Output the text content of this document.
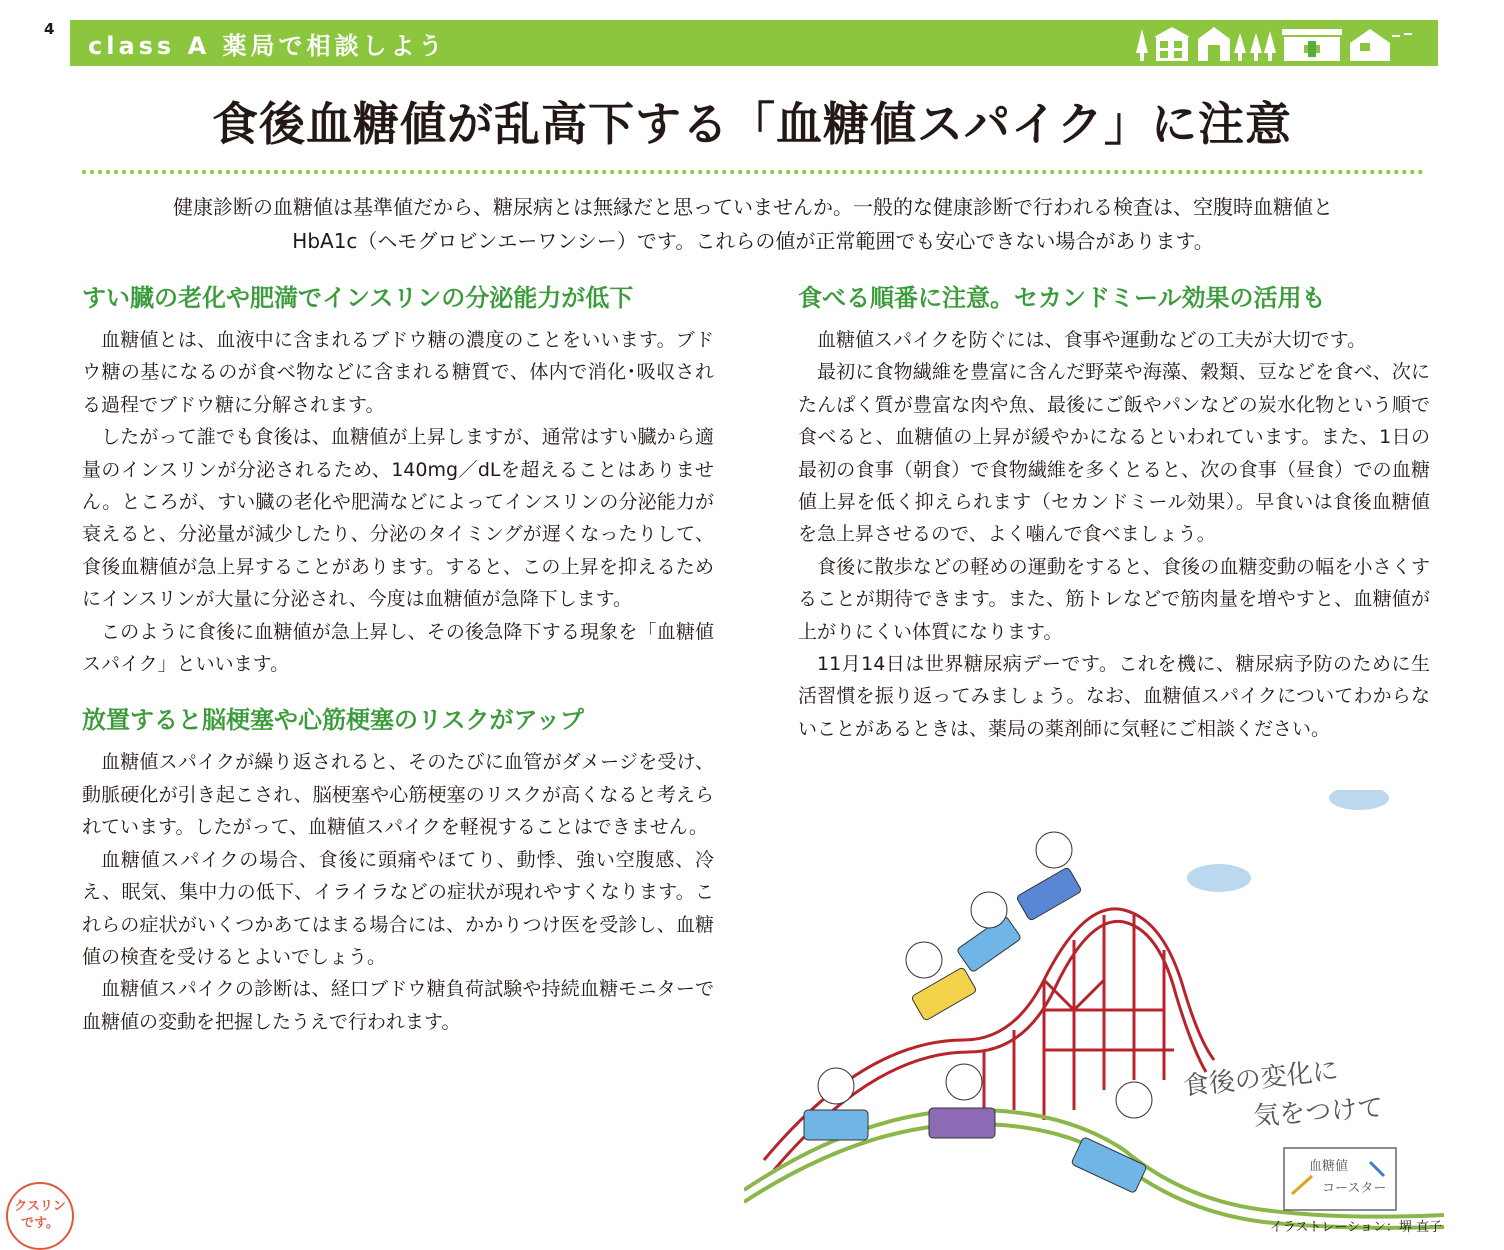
4
class A 薬局で相談しよう
食後血糖値が乱高下する「血糖値スパイク」に注意
健康診断の血糖値は基準値だから、糖尿病とは無縁だと思っていませんか。一般的な健康診断で行われる検査は、空腹時血糖値と
HbA1c（ヘモグロビンエーワンシー）です。これらの値が正常範囲でも安心できない場合があります。
すい臓の老化や肥満でインスリンの分泌能力が低下

血糖値とは、血液中に含まれるブドウ糖の濃度のことをいいます。ブドウ糖の基になるのが食べ物などに含まれる糖質で、体内で消化･吸収される過程でブドウ糖に分解されます。

したがって誰でも食後は、血糖値が上昇しますが、通常はすい臓から適量のインスリンが分泌されるため、140mg／dLを超えることはありません。ところが、すい臓の老化や肥満などによってインスリンの分泌能力が衰えると、分泌量が減少したり、分泌のタイミングが遅くなったりして、食後血糖値が急上昇することがあります。すると、この上昇を抑えるためにインスリンが大量に分泌され、今度は血糖値が急降下します。

このように食後に血糖値が急上昇し、その後急降下する現象を「血糖値スパイク」といいます。

放置すると脳梗塞や心筋梗塞のリスクがアップ

血糖値スパイクが繰り返されると、そのたびに血管がダメージを受け、動脈硬化が引き起こされ、脳梗塞や心筋梗塞のリスクが高くなると考えられています。したがって、血糖値スパイクを軽視することはできません。

血糖値スパイクの場合、食後に頭痛やほてり、動悸、強い空腹感、冷え、眠気、集中力の低下、イライラなどの症状が現れやすくなります。これらの症状がいくつかあてはまる場合には、かかりつけ医を受診し、血糖値の検査を受けるとよいでしょう。

血糖値スパイクの診断は、経口ブドウ糖負荷試験や持続血糖モニターで血糖値の変動を把握したうえで行われます。

食べる順番に注意。セカンドミール効果の活用も

血糖値スパイクを防ぐには、食事や運動などの工夫が大切です。

最初に食物繊維を豊富に含んだ野菜や海藻、穀類、豆などを食べ、次にたんぱく質が豊富な肉や魚、最後にご飯やパンなどの炭水化物という順で食べると、血糖値の上昇が緩やかになるといわれています。また、1日の最初の食事（朝食）で食物繊維を多くとると、次の食事（昼食）での血糖値上昇を低く抑えられます（セカンドミール効果）。早食いは食後血糖値を急上昇させるので、よく噛んで食べましょう。

食後に散歩などの軽めの運動をすると、食後の血糖変動の幅を小さくすることが期待できます。また、筋トレなどで筋肉量を増やすと、血糖値が上がりにくい体質になります。

11月14日は世界糖尿病デーです。これを機に、糖尿病予防のために生活習慣を振り返ってみましょう。なお、血糖値スパイクについてわからないことがあるときは、薬局の薬剤師に気軽にご相談ください。

食後の変化に
気をつけて
血糖値
コースター
イラストレーション：堺 直子
クスリン
です。
